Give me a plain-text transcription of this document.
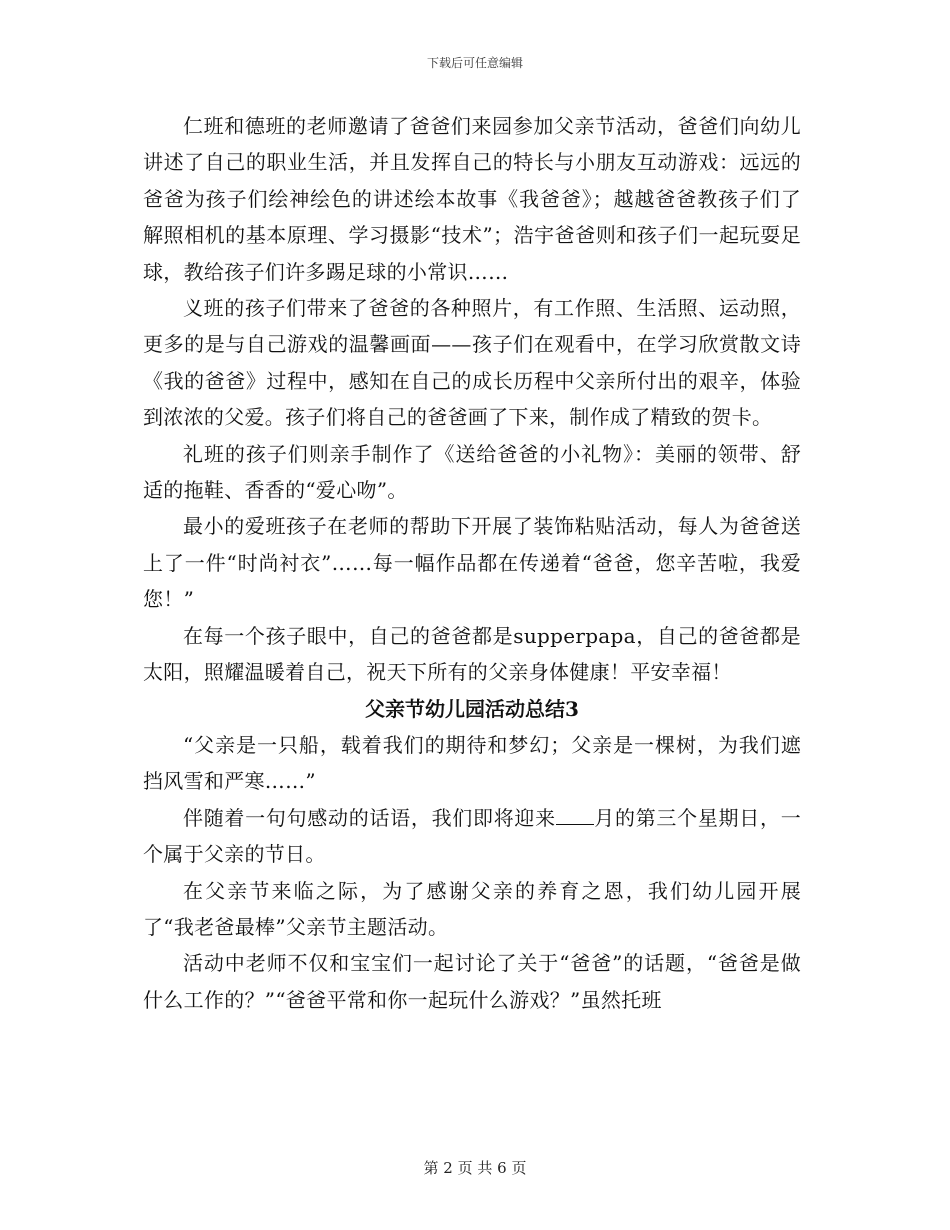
下载后可任意编辑

仁班和德班的老师邀请了爸爸们来园参加父亲节活动，爸爸们向幼儿讲述了自己的职业生活，并且发挥自己的特长与小朋友互动游戏：远远的爸爸为孩子们绘神绘色的讲述绘本故事《我爸爸》；越越爸爸教孩子们了解照相机的基本原理、学习摄影“技术”；浩宇爸爸则和孩子们一起玩耍足球，教给孩子们许多踢足球的小常识……

义班的孩子们带来了爸爸的各种照片，有工作照、生活照、运动照，更多的是与自己游戏的温馨画面——孩子们在观看中，在学习欣赏散文诗《我的爸爸》过程中，感知在自己的成长历程中父亲所付出的艰辛，体验到浓浓的父爱。孩子们将自己的爸爸画了下来，制作成了精致的贺卡。

礼班的孩子们则亲手制作了《送给爸爸的小礼物》：美丽的领带、舒适的拖鞋、香香的“爱心吻”。

最小的爱班孩子在老师的帮助下开展了装饰粘贴活动，每人为爸爸送上了一件“时尚衬衣”……每一幅作品都在传递着“爸爸，您辛苦啦，我爱您！”

在每一个孩子眼中，自己的爸爸都是supperpapa，自己的爸爸都是太阳，照耀温暖着自己，祝天下所有的父亲身体健康！平安幸福！

父亲节幼儿园活动总结3

“父亲是一只船，载着我们的期待和梦幻；父亲是一棵树，为我们遮挡风雪和严寒……”

伴随着一句句感动的话语，我们即将迎来 月的第三个星期日，一个属于父亲的节日。

在父亲节来临之际，为了感谢父亲的养育之恩，我们幼儿园开展了“我老爸最棒”父亲节主题活动。

活动中老师不仅和宝宝们一起讨论了关于“爸爸”的话题，“爸爸是做什么工作的？”“爸爸平常和你一起玩什么游戏？”虽然托班

第 2 页 共 6 页
